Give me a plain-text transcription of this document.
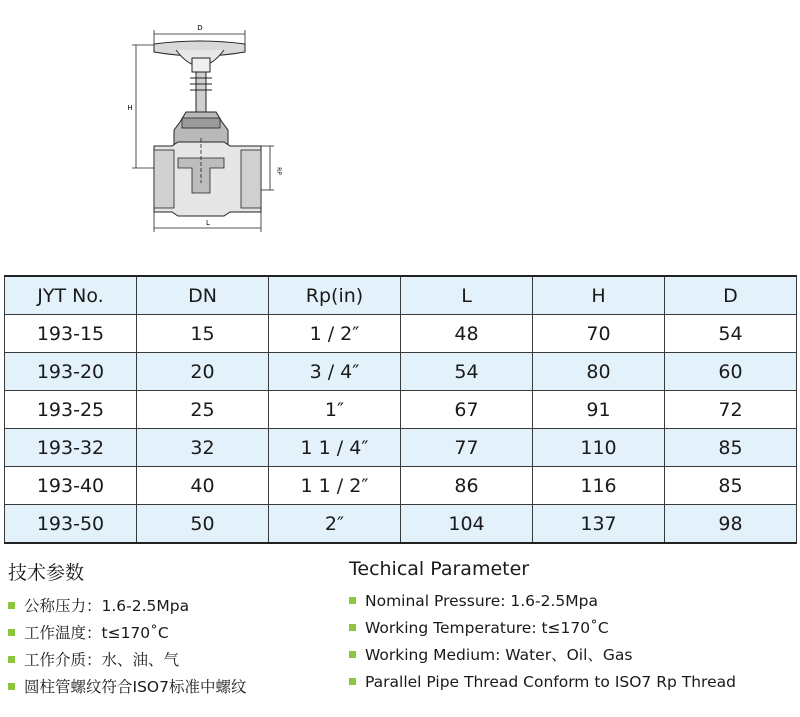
D
H
RP
L
JYT No.	DN	Rp(in)	L	H	D
193-15	15	1 / 2″	48	70	54
193-20	20	3 / 4″	54	80	60
193-25	25	1″	67	91	72
193-32	32	1 1 / 4″	77	110	85
193-40	40	1 1 / 2″	86	116	85
193-50	50	2″	104	137	98
技术参数
公称压力：1.6-2.5Mpa
工作温度：t≤170˚C
工作介质：水、油、气
圆柱管螺纹符合ISO7标准中螺纹
Techical Parameter
Nominal Pressure: 1.6-2.5Mpa
Working Temperature: t≤170˚C
Working Medium: Water、Oil、Gas
Parallel Pipe Thread Conform to ISO7 Rp Thread
